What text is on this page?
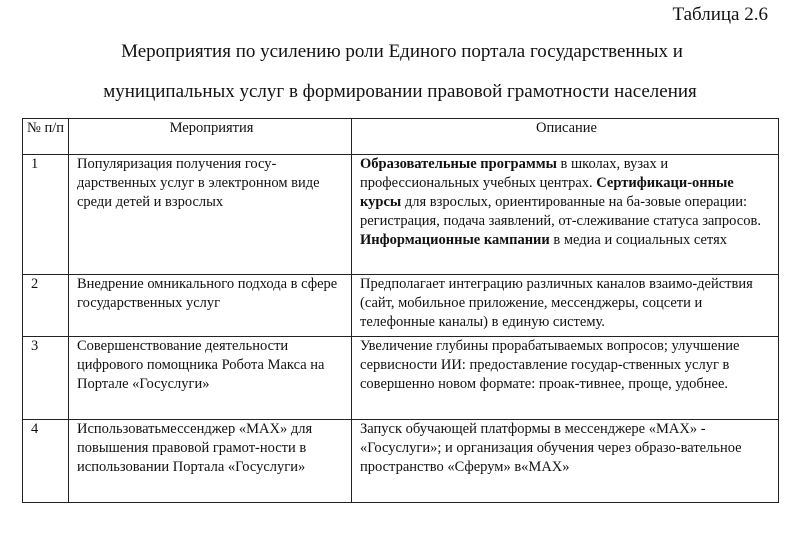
Таблица 2.6
Мероприятия по усилению роли Единого портала государственных и
муниципальных услуг в формировании правовой грамотности населения
№ п/п	Мероприятия	Описание
1	Популяризация получения госу-дарственных услуг в электронном виде среди детей и взрослых	Образовательные программы в школах, вузах и профессиональных учебных центрах. Сертификаци-онные курсы для взрослых, ориентированные на ба-зовые операции: регистрация, подача заявлений, от-слеживание статуса запросов. Информационные кампании в медиа и социальных сетях
2	Внедрение омникального подхода в сфере государственных услуг	Предполагает интеграцию различных каналов взаимо-действия (сайт, мобильное приложение, мессенджеры, соцсети и телефонные каналы) в единую систему.
3	Совершенствование деятельности цифрового помощника Робота Макса на Портале «Госуслуги»	Увеличение глубины прорабатываемых вопросов; улучшение сервисности ИИ: предоставление государ-ственных услуг в совершенно новом формате: проак-тивнее, проще, удобнее.
4	Использоватьмессенджер «MAX» для повышения правовой грамот-ности в использовании Портала «Госуслуги»	Запуск обучающей платформы в мессенджере «MAX» - «Госуслуги»; и организация обучения через образо-вательное пространство «Сферум» в«MAX»
